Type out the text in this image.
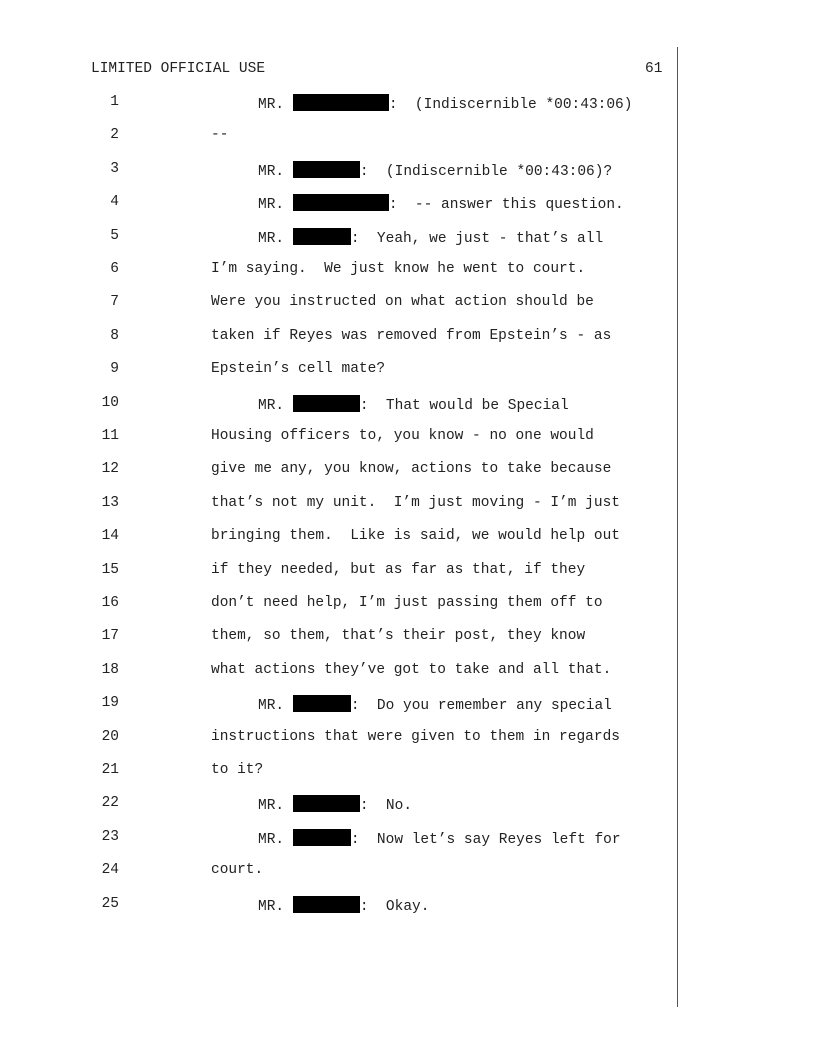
LIMITED OFFICIAL USE	61
1	MR.	:  (Indiscernible *00:43:06)
2	--
3	MR.	:  (Indiscernible *00:43:06)?
4	MR.	:  -- answer this question.
5	MR.	:  Yeah, we just - that’s all
6	I’m saying.  We just know he went to court.
7	Were you instructed on what action should be
8	taken if Reyes was removed from Epstein’s - as
9	Epstein’s cell mate?
10	MR.	:  That would be Special
11	Housing officers to, you know - no one would
12	give me any, you know, actions to take because
13	that’s not my unit.  I’m just moving - I’m just
14	bringing them.  Like is said, we would help out
15	if they needed, but as far as that, if they
16	don’t need help, I’m just passing them off to
17	them, so them, that’s their post, they know
18	what actions they’ve got to take and all that.
19	MR.	:  Do you remember any special
20	instructions that were given to them in regards
21	to it?
22	MR.	:  No.
23	MR.	:  Now let’s say Reyes left for
24	court.
25	MR.	:  Okay.
